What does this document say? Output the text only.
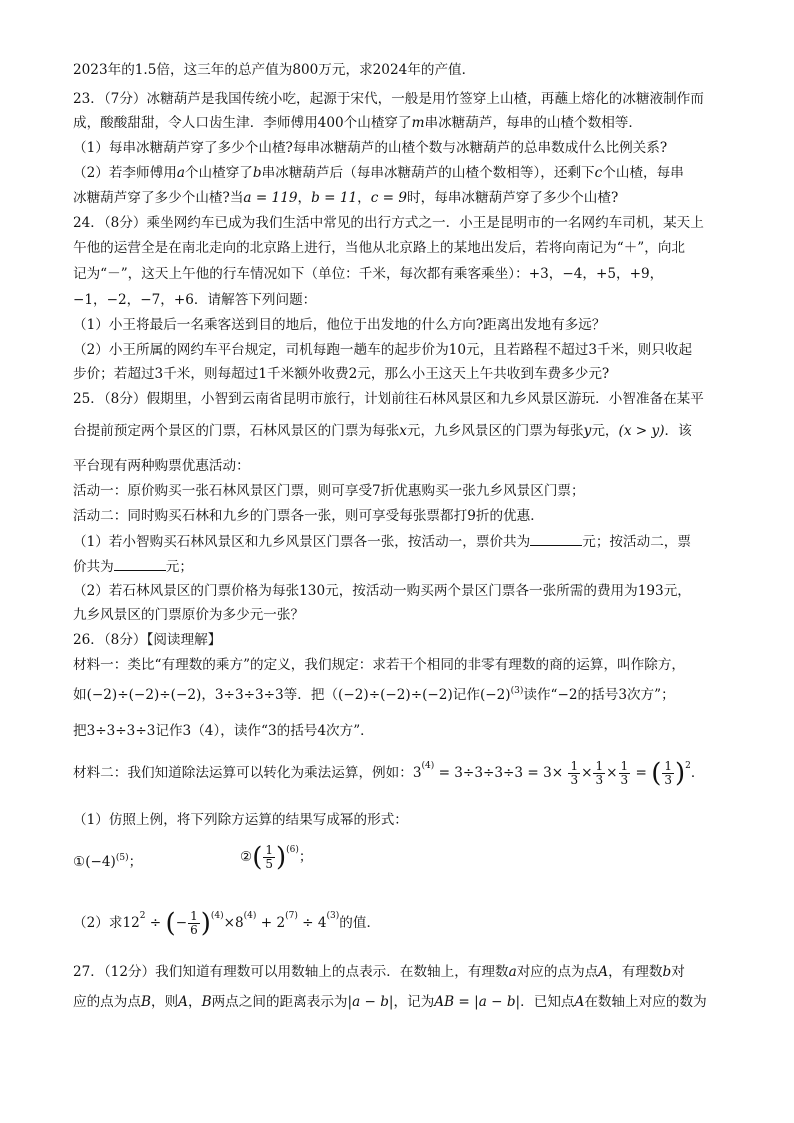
2023年的1.5倍，这三年的总产值为800万元，求2024年的产值．
23．（7分）冰糖葫芦是我国传统小吃，起源于宋代，一般是用竹签穿上山楂，再蘸上熔化的冰糖液制作而
成，酸酸甜甜，令人口齿生津．李师傅用400个山楂穿了m串冰糖葫芦，每串的山楂个数相等．
（1）每串冰糖葫芦穿了多少个山楂?每串冰糖葫芦的山楂个数与冰糖葫芦的总串数成什么比例关系?
（2）若李师傅用a个山楂穿了b串冰糖葫芦后（每串冰糖葫芦的山楂个数相等），还剩下c个山楂，每串
冰糖葫芦穿了多少个山楂?当a = 119，b = 11，c = 9时，每串冰糖葫芦穿了多少个山楂?
24．（8分）乘坐网约车已成为我们生活中常见的出行方式之一．小王是昆明市的一名网约车司机，某天上
午他的运营全是在南北走向的北京路上进行，当他从北京路上的某地出发后，若将向南记为“＋”，向北
记为“－”，这天上午他的行车情况如下（单位：千米，每次都有乘客乘坐）：+3，−4，+5，+9，
−1，−2，−7，+6．请解答下列问题：
（1）小王将最后一名乘客送到目的地后，他位于出发地的什么方向?距离出发地有多远？
（2）小王所属的网约车平台规定，司机每跑一趟车的起步价为10元，且若路程不超过3千米，则只收起
步价；若超过3千米，则每超过1千米额外收费2元，那么小王这天上午共收到车费多少元?
25．（8分）假期里，小智到云南省昆明市旅行，计划前往石林风景区和九乡风景区游玩．小智准备在某平
台提前预定两个景区的门票，石林风景区的门票为每张x元，九乡风景区的门票为每张y元，(x > y)．该
平台现有两种购票优惠活动：
活动一：原价购买一张石林风景区门票，则可享受7折优惠购买一张九乡风景区门票；
活动二：同时购买石林和九乡的门票各一张，则可享受每张票都打9折的优惠．
（1）若小智购买石林风景区和九乡风景区门票各一张，按活动一，票价共为	元；按活动二，票
价共为	元；
（2）若石林风景区的门票价格为每张130元，按活动一购买两个景区门票各一张所需的费用为193元，
九乡风景区的门票原价为多少元一张？
26．（8分）【阅读理解】
材料一：类比“有理数的乘方”的定义，我们规定：求若干个相同的非零有理数的商的运算，叫作除方，
如(−2)÷(−2)÷(−2)，3÷3÷3÷3等．把（(−2)÷(−2)÷(−2)记作$(-2)^{(3)}$读作“−2的括号3次方”；
把3÷3÷3÷3记作3（4），读作“3的括号4次方”．
材料二：我们知道除法运算可以转化为乘法运算，例如：$3^{(4)} = 3\div 3\div 3\div 3 = 3\times \frac{1}{3} \times \frac{1}{3} \times \frac{1}{3}$ = ( $\frac{1}{3} )^2$．
（1）仿照上例，将下列除方运算的结果写成幂的形式：
$①(-4)^{(5)}$；	②( $\frac{1}{5} )^{(6)}$；
（2）求$12^2$ ÷ (− $\frac{1}{6} )^{(4)}\times 8^{(4)} + 2^{(7)} \div 4^{(3)}$的值．
27．（12分）我们知道有理数可以用数轴上的点表示．在数轴上，有理数a对应的点为点A，有理数b对
应的点为点B，则A，B两点之间的距离表示为|a − b|，记为AB = |a − b|．已知点A在数轴上对应的数为
